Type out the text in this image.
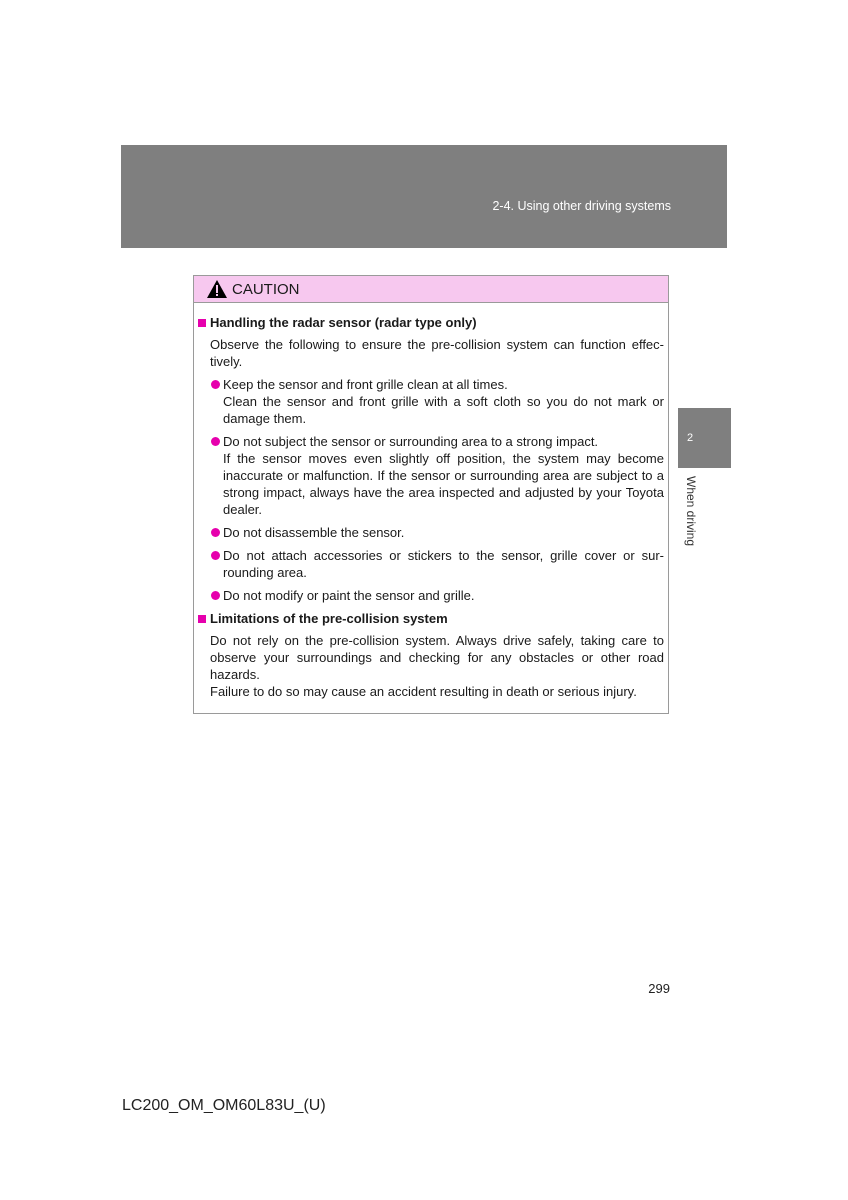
2-4. Using other driving systems
2
When driving
CAUTION
Handling the radar sensor (radar type only)

Observe the following to ensure the pre-collision system can function effec-tively.

Keep the sensor and front grille clean at all times.
Clean the sensor and front grille with a soft cloth so you do not mark or damage them.
Do not subject the sensor or surrounding area to a strong impact.
If the sensor moves even slightly off position, the system may become inaccurate or malfunction. If the sensor or surrounding area are subject to a strong impact, always have the area inspected and adjusted by your Toyota dealer.
Do not disassemble the sensor.
Do not attach accessories or stickers to the sensor, grille cover or sur-rounding area.
Do not modify or paint the sensor and grille.
Limitations of the pre-collision system

Do not rely on the pre-collision system. Always drive safely, taking care to observe your surroundings and checking for any obstacles or other road hazards.

Failure to do so may cause an accident resulting in death or serious injury.

299
LC200_OM_OM60L83U_(U)
